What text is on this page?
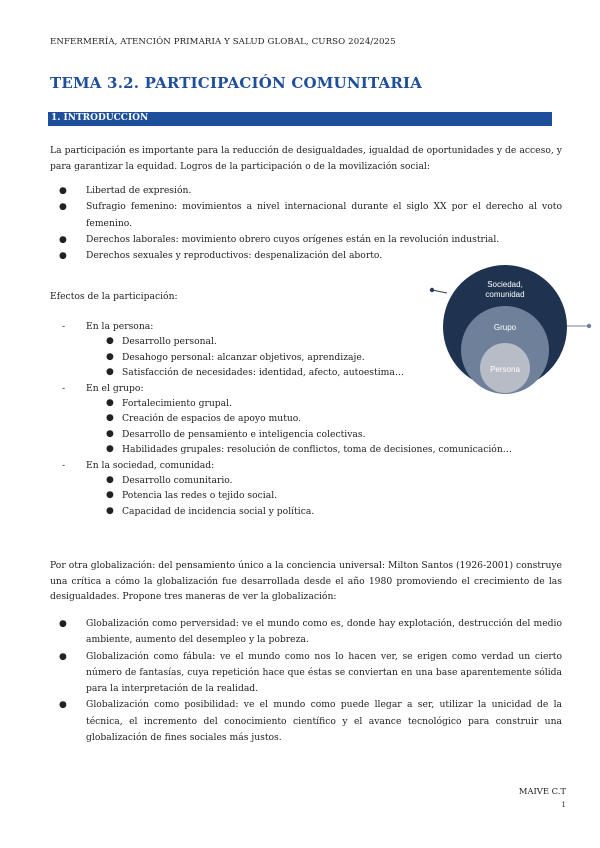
ENFERMERÍA, ATENCIÓN PRIMARIA Y SALUD GLOBAL, CURSO 2024/2025
TEMA 3.2. PARTICIPACIÓN COMUNITARIA
1. INTRODUCCIÓN
La participación es importante para la reducción de desigualdades, igualdad de oportunidades y de acceso, y para garantizar la equidad. Logros de la participación o de la movilización social:
● Libertad de expresión.
● Sufragio femenino: movimientos a nivel internacional durante el siglo XX por el derecho al voto femenino.
● Derechos laborales: movimiento obrero cuyos orígenes están en la revolución industrial.
● Derechos sexuales y reproductivos: despenalización del aborto.
Efectos de la participación:
- En la persona:
● Desarrollo personal.
● Desahogo personal: alcanzar objetivos, aprendizaje.
● Satisfacción de necesidades: identidad, afecto, autoestima…
- En el grupo:
● Fortalecimiento grupal.
● Creación de espacios de apoyo mutuo.
● Desarrollo de pensamiento e inteligencia colectivas.
● Habilidades grupales: resolución de conflictos, toma de decisiones, comunicación…
- En la sociedad, comunidad:
● Desarrollo comunitario.
● Potencia las redes o tejido social.
● Capacidad de incidencia social y política.
Sociedad,
comunidad
Grupo
Persona
Por otra globalización: del pensamiento único a la conciencia universal: Milton Santos (1926-2001) construye una crítica a cómo la globalización fue desarrollada desde el año 1980 promoviendo el crecimiento de las desigualdades. Propone tres maneras de ver la globalización:
● Globalización como perversidad: ve el mundo como es, donde hay explotación, destrucción del medio ambiente, aumento del desempleo y la pobreza.
● Globalización como fábula: ve el mundo como nos lo hacen ver, se erigen como verdad un cierto número de fantasías, cuya repetición hace que éstas se conviertan en una base aparentemente sólida para la interpretación de la realidad.
● Globalización como posibilidad: ve el mundo como puede llegar a ser, utilizar la unicidad de la técnica, el incremento del conocimiento científico y el avance tecnológico para construir una globalización de fines sociales más justos.
MAIVE C.T
1
